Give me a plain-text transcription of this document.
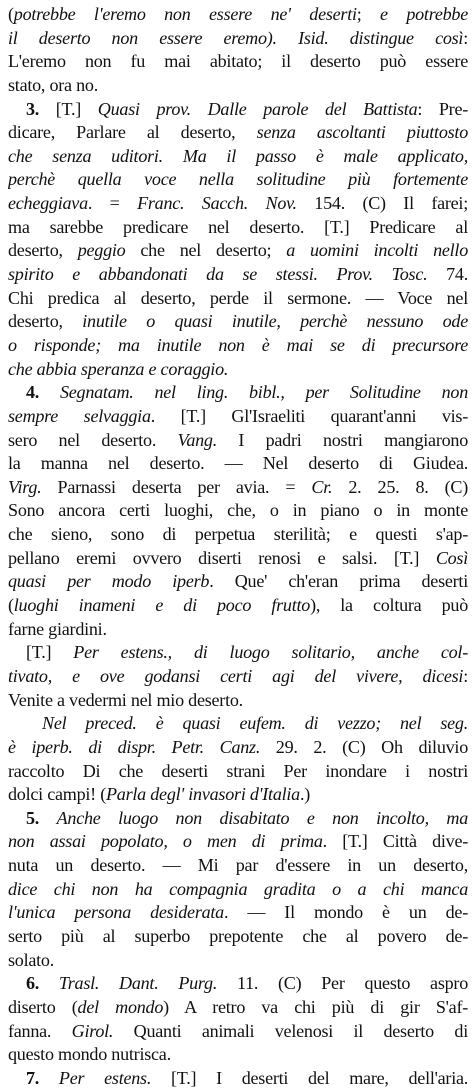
(potrebbe l'eremo non essere ne' deserti; e potrebbe
il deserto non essere eremo). Isid. distingue così:
L'eremo non fu mai abitato; il deserto può essere
stato, ora no.
3. [T.] Quasi prov. Dalle parole del Battista: Pre-
dicare, Parlare al deserto, senza ascoltanti piuttosto
che senza uditori. Ma il passo è male applicato,
perchè quella voce nella solitudine più fortemente
echeggiava. = Franc. Sacch. Nov. 154. (C) Il farei;
ma sarebbe predicare nel deserto. [T.] Predicare al
deserto, peggio che nel deserto; a uomini incolti nello
spirito e abbandonati da se stessi. Prov. Tosc. 74.
Chi predica al deserto, perde il sermone. — Voce nel
deserto, inutile o quasi inutile, perchè nessuno ode
o risponde; ma inutile non è mai se di precursore
che abbia speranza e coraggio.
4. Segnatam. nel ling. bibl., per Solitudine non
sempre selvaggia. [T.] Gl'Israeliti quarant'anni vis-
sero nel deserto. Vang. I padri nostri mangiarono
la manna nel deserto. — Nel deserto di Giudea.
Virg. Parnassi deserta per avia. = Cr. 2. 25. 8. (C)
Sono ancora certi luoghi, che, o in piano o in monte
che sieno, sono di perpetua sterilità; e questi s'ap-
pellano eremi ovvero diserti renosi e salsi. [T.] Così
quasi per modo iperb. Que' ch'eran prima deserti
(luoghi inameni e di poco frutto), la coltura può
farne giardini.
[T.] Per estens., di luogo solitario, anche col-
tivato, e ove godansi certi agi del vivere, dicesi:
Venite a vedermi nel mio deserto.
Nel preced. è quasi eufem. di vezzo; nel seg.
è iperb. di dispr. Petr. Canz. 29. 2. (C) Oh diluvio
raccolto Di che deserti strani Per inondare i nostri
dolci campi! (Parla degl' invasori d'Italia.)
5. Anche luogo non disabitato e non incolto, ma
non assai popolato, o men di prima. [T.] Città dive-
nuta un deserto. — Mi par d'essere in un deserto,
dice chi non ha compagnia gradita o a chi manca
l'unica persona desiderata. — Il mondo è un de-
serto più al superbo prepotente che al povero de-
solato.
6. Trasl. Dant. Purg. 11. (C) Per questo aspro
diserto (del mondo) A retro va chi più di gir S'af-
fanna. Girol. Quanti animali velenosi il deserto di
questo mondo nutrisca.
7. Per estens. [T.] I deserti del mare, dell'aria.
